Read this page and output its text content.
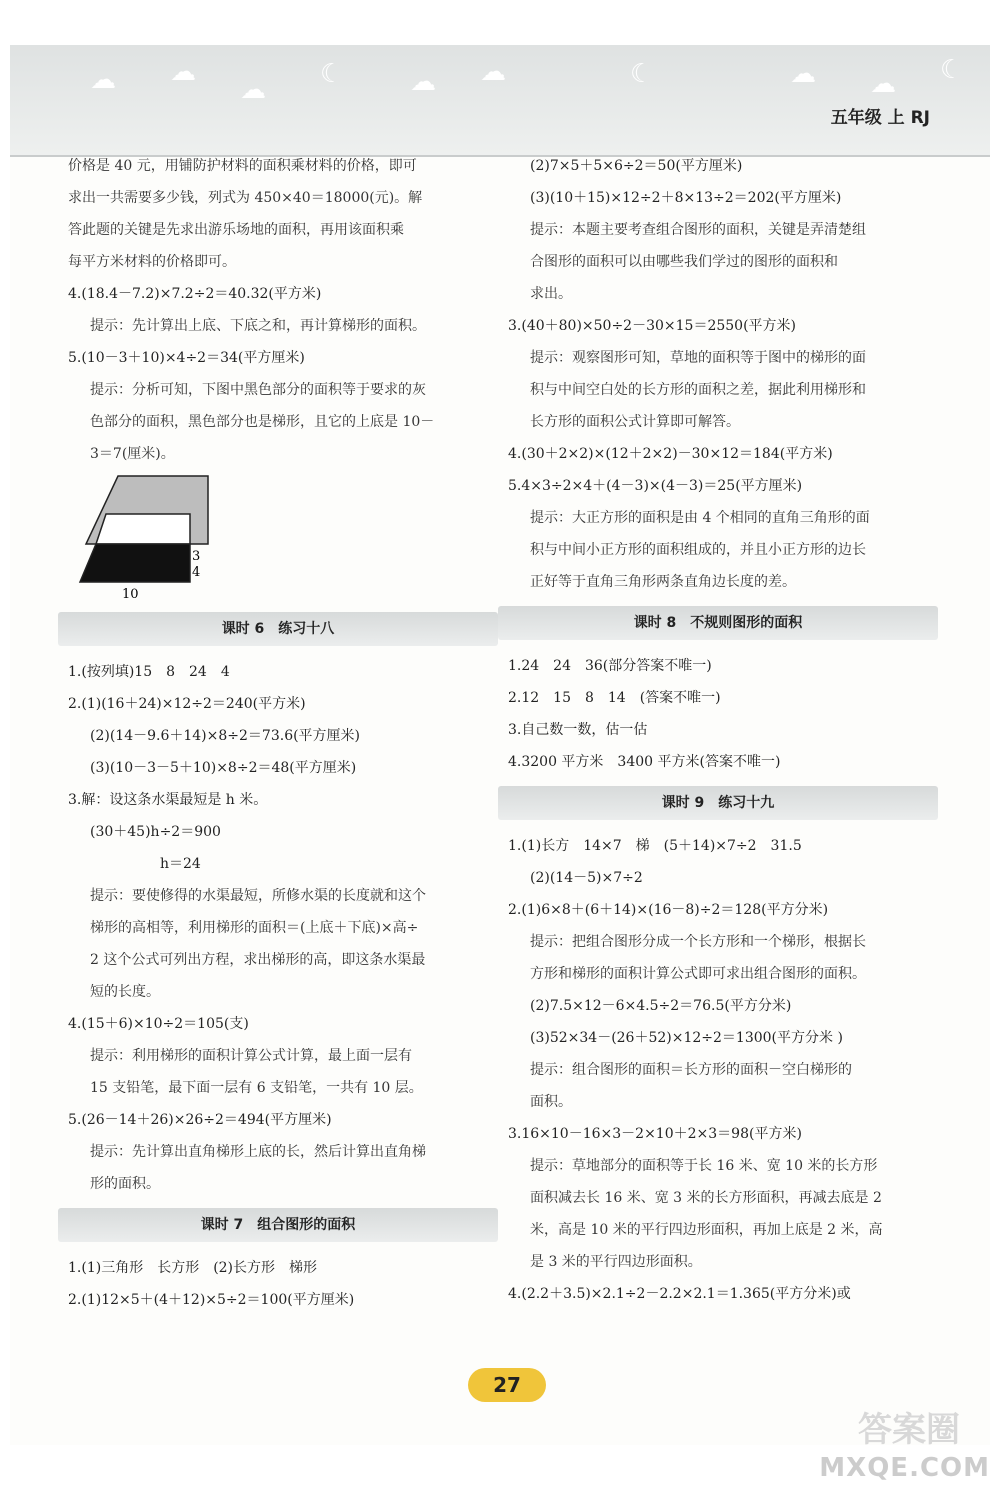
☁ ☁
☁
☾	☁ ☁	☾	☁ ☁ ☾
五年级 上 RJ
价格是 40 元，用铺防护材料的面积乘材料的价格，即可
求出一共需要多少钱，列式为 450×40＝18000(元)。解
答此题的关键是先求出游乐场地的面积，再用该面积乘
每平方米材料的价格即可。
4.(18.4－7.2)×7.2÷2＝40.32(平方米)
提示：先计算出上底、下底之和，再计算梯形的面积。
5.(10－3＋10)×4÷2＝34(平方厘米)
提示：分析可知，下图中黑色部分的面积等于要求的灰
色部分的面积，黑色部分也是梯形，且它的上底是 10－
3＝7(厘米)。
3
4
10
课时 6　练习十八
1.(按列填)15　8　24　4
2.(1)(16＋24)×12÷2＝240(平方米)
(2)(14－9.6＋14)×8÷2＝73.6(平方厘米)
(3)(10－3－5＋10)×8÷2＝48(平方厘米)
3.解：设这条水渠最短是 h 米。
(30＋45)h÷2＝900
　　　　　h＝24
提示：要使修得的水渠最短，所修水渠的长度就和这个
梯形的高相等，利用梯形的面积＝(上底＋下底)×高÷
2 这个公式可列出方程，求出梯形的高，即这条水渠最
短的长度。
4.(15＋6)×10÷2＝105(支)
提示：利用梯形的面积计算公式计算，最上面一层有
15 支铅笔，最下面一层有 6 支铅笔，一共有 10 层。
5.(26－14＋26)×26÷2＝494(平方厘米)
提示：先计算出直角梯形上底的长，然后计算出直角梯
形的面积。
课时 7　组合图形的面积
1.(1)三角形　长方形　(2)长方形　梯形
2.(1)12×5＋(4＋12)×5÷2＝100(平方厘米)
(2)7×5＋5×6÷2＝50(平方厘米)
(3)(10＋15)×12÷2＋8×13÷2＝202(平方厘米)
提示：本题主要考查组合图形的面积，关键是弄清楚组
合图形的面积可以由哪些我们学过的图形的面积和
求出。
3.(40＋80)×50÷2－30×15＝2550(平方米)
提示：观察图形可知，草地的面积等于图中的梯形的面
积与中间空白处的长方形的面积之差，据此利用梯形和
长方形的面积公式计算即可解答。
4.(30＋2×2)×(12＋2×2)－30×12＝184(平方米)
5.4×3÷2×4＋(4－3)×(4－3)＝25(平方厘米)
提示：大正方形的面积是由 4 个相同的直角三角形的面
积与中间小正方形的面积组成的，并且小正方形的边长
正好等于直角三角形两条直角边长度的差。
课时 8　不规则图形的面积
1.24　24　36(部分答案不唯一)
2.12　15　8　14　(答案不唯一)
3.自己数一数，估一估
4.3200 平方米　3400 平方米(答案不唯一)
课时 9　练习十九
1.(1)长方　14×7　梯　(5＋14)×7÷2　31.5
(2)(14－5)×7÷2
2.(1)6×8＋(6＋14)×(16－8)÷2＝128(平方分米)
提示：把组合图形分成一个长方形和一个梯形，根据长
方形和梯形的面积计算公式即可求出组合图形的面积。
(2)7.5×12－6×4.5÷2＝76.5(平方分米)
(3)52×34－(26＋52)×12÷2＝1300(平方分米 )
提示：组合图形的面积＝长方形的面积－空白梯形的
面积。
3.16×10－16×3－2×10＋2×3＝98(平方米)
提示：草地部分的面积等于长 16 米、宽 10 米的长方形
面积减去长 16 米、宽 3 米的长方形面积，再减去底是 2
米，高是 10 米的平行四边形面积，再加上底是 2 米，高
是 3 米的平行四边形面积。
4.(2.2＋3.5)×2.1÷2－2.2×2.1＝1.365(平方分米)或
27
答案圈
MXQE.COM
